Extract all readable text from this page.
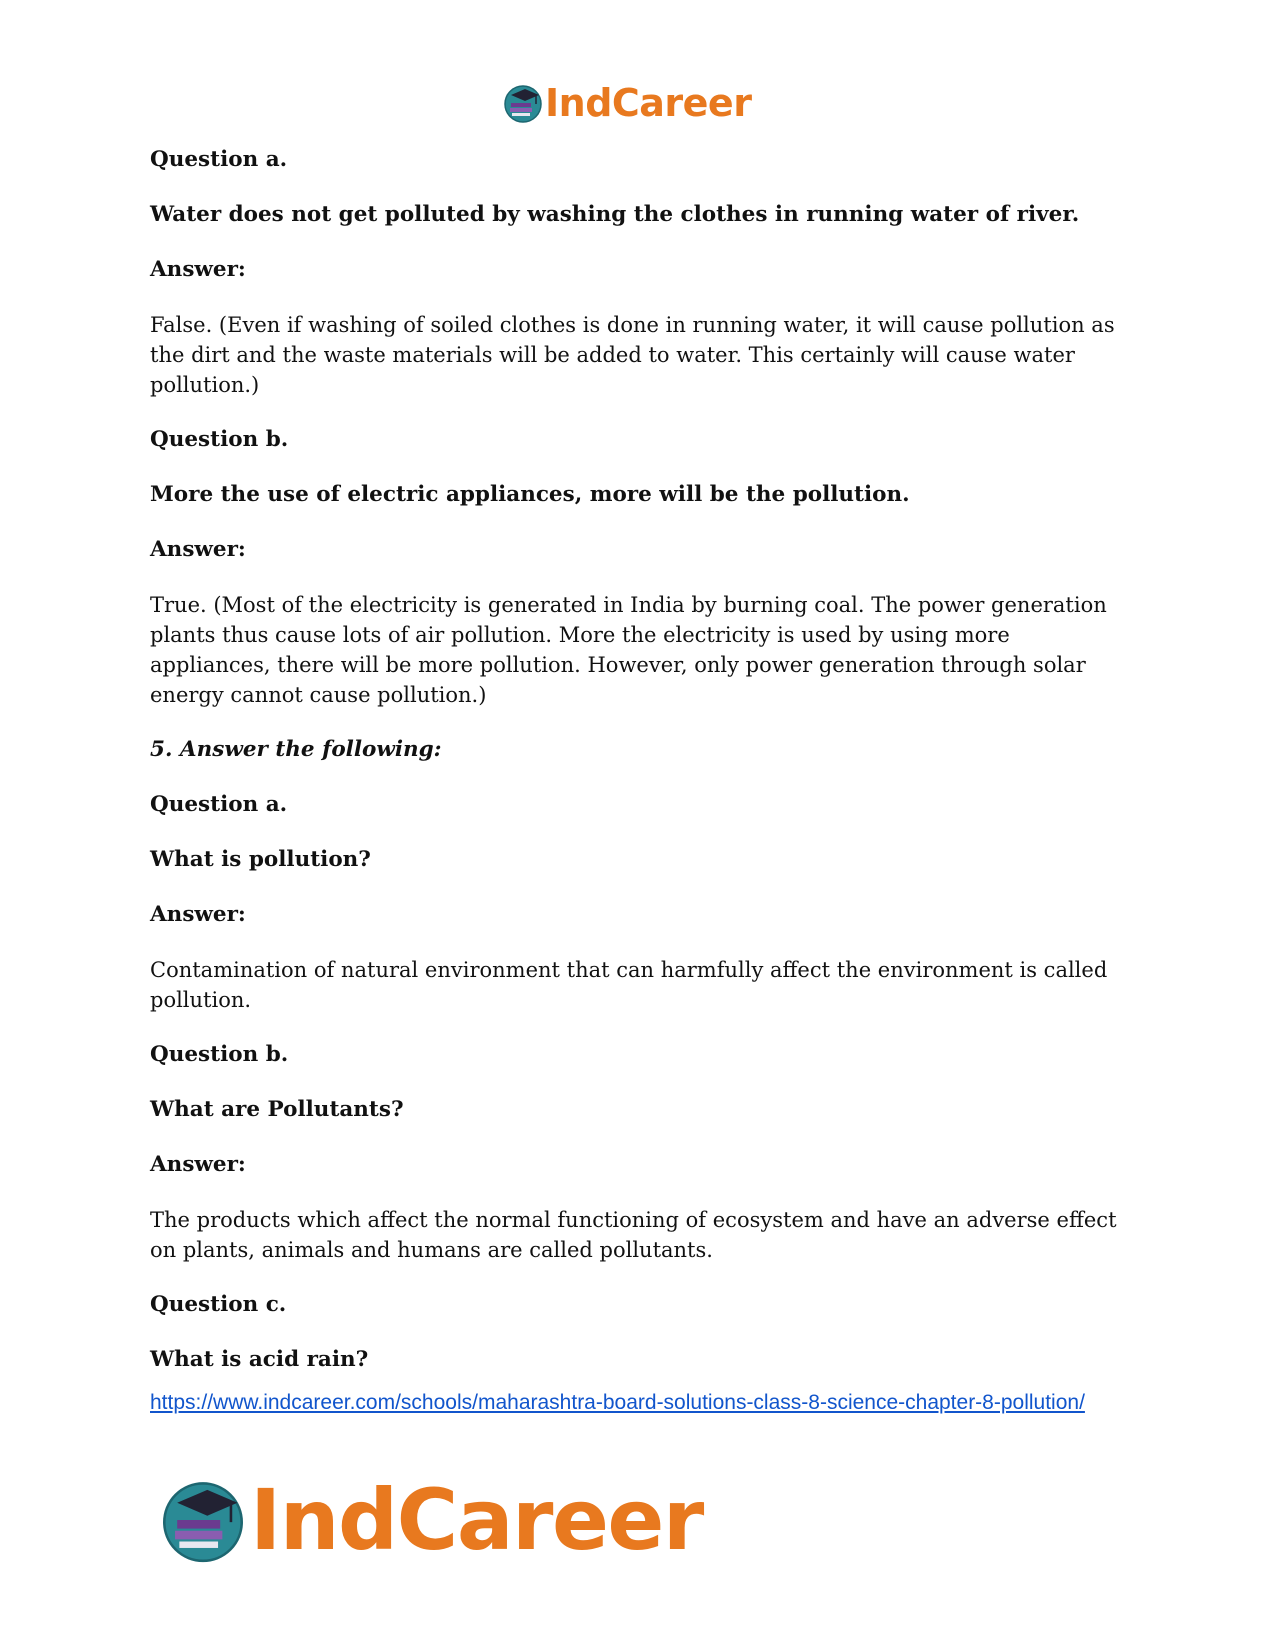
IndCareer

Question a.

Water does not get polluted by washing the clothes in running water of river.

Answer:

False. (Even if washing of soiled clothes is done in running water, it will cause pollution as the dirt and the waste materials will be added to water. This certainly will cause water pollution.)

Question b.

More the use of electric appliances, more will be the pollution.

Answer:

True. (Most of the electricity is generated in India by burning coal. The power generation plants thus cause lots of air pollution. More the electricity is used by using more appliances, there will be more pollution. However, only power generation through solar energy cannot cause pollution.)

5. Answer the following:

Question a.

What is pollution?

Answer:

Contamination of natural environment that can harmfully affect the environment is called pollution.

Question b.

What are Pollutants?

Answer:

The products which affect the normal functioning of ecosystem and have an adverse effect on plants, animals and humans are called pollutants.

Question c.

What is acid rain?

https://www.indcareer.com/schools/maharashtra-board-solutions-class-8-science-chapter-8-pollution/
IndCareer
